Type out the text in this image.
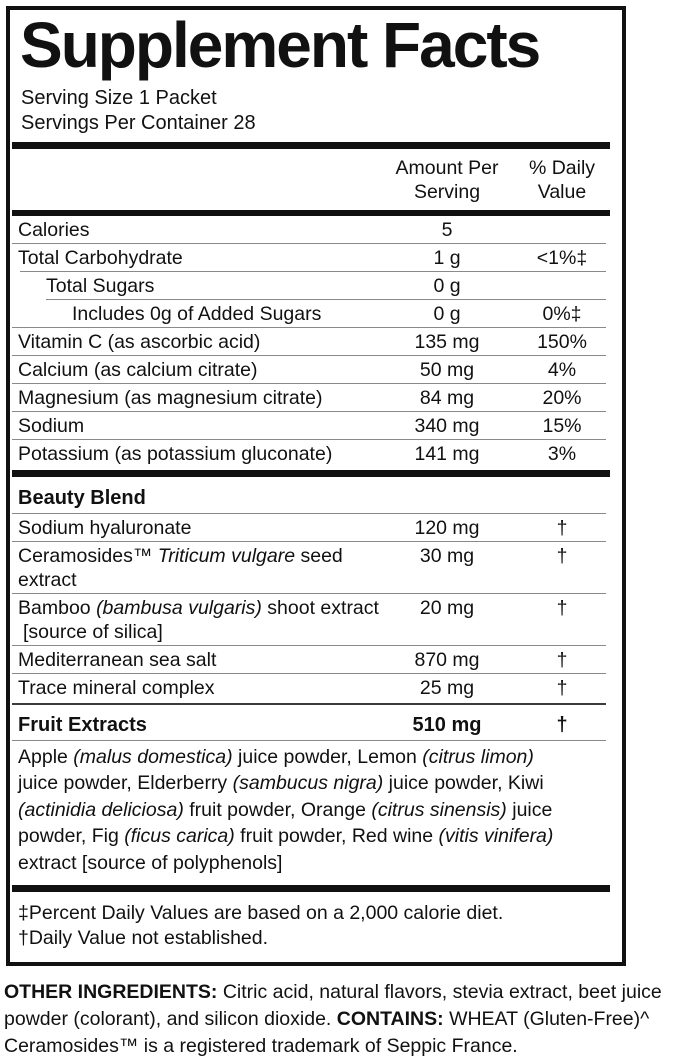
Supplement Facts
Serving Size 1 Packet
Servings Per Container 28
Amount Per
Serving
% Daily
Value
Calories	5
Total Carbohydrate	1 g	<1%‡
Total Sugars	0 g
Includes 0g of Added Sugars	0 g	0%‡
Vitamin C (as ascorbic acid)	135 mg	150%
Calcium (as calcium citrate)	50 mg	4%
Magnesium (as magnesium citrate)	84 mg	20%
Sodium	340 mg	15%
Potassium (as potassium gluconate)	141 mg	3%
Beauty Blend
Sodium hyaluronate	120 mg	†
Ceramosides™ Triticum vulgare seed extract
30 mg	†
Bamboo (bambusa vulgaris) shoot extract
[source of silica]
20 mg	†
Mediterranean sea salt	870 mg	†
Trace mineral complex	25 mg	†
Fruit Extracts	510 mg	†
Apple (malus domestica) juice powder, Lemon (citrus limon) juice powder, Elderberry (sambucus nigra) juice powder, Kiwi (actinidia deliciosa) fruit powder, Orange (citrus sinensis) juice powder, Fig (ficus carica) fruit powder, Red wine (vitis vinifera) extract [source of polyphenols]
‡Percent Daily Values are based on a 2,000 calorie diet.
†Daily Value not established.

OTHER INGREDIENTS: Citric acid, natural flavors, stevia extract, beet juice powder (colorant), and silicon dioxide. CONTAINS: WHEAT (Gluten-Free)^

Ceramosides™ is a registered trademark of Seppic France.
